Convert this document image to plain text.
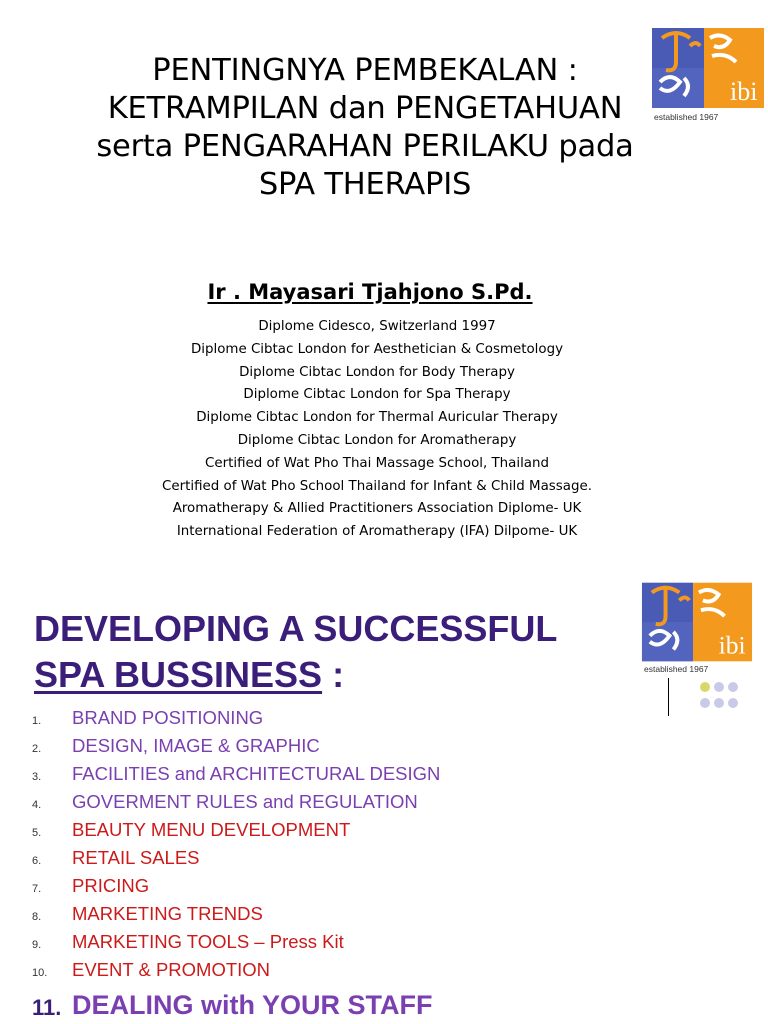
PENTINGNYA PEMBEKALAN :
KETRAMPILAN dan PENGETAHUAN
serta PENGARAHAN PERILAKU pada
SPA THERAPIS
ibi
established 1967
Ir . Mayasari Tjahjono S.Pd.
Diplome Cidesco, Switzerland 1997
Diplome Cibtac London for Aesthetician & Cosmetology
Diplome Cibtac London for Body Therapy
Diplome Cibtac London for Spa Therapy
Diplome Cibtac London for Thermal Auricular Therapy
Diplome Cibtac London for Aromatherapy
Certified of Wat Pho Thai Massage School, Thailand
Certified of Wat Pho School Thailand for Infant & Child Massage.
Aromatherapy & Allied Practitioners Association Diplome- UK
International Federation of Aromatherapy (IFA) Dilpome- UK
DEVELOPING A SUCCESSFUL
SPA BUSSINESS :
ibi
established 1967
1. BRAND POSITIONING
2. DESIGN, IMAGE & GRAPHIC
3. FACILITIES and ARCHITECTURAL DESIGN
4. GOVERMENT RULES and REGULATION
5. BEAUTY MENU DEVELOPMENT
6. RETAIL SALES
7. PRICING
8. MARKETING TRENDS
9. MARKETING TOOLS – Press Kit
10. EVENT & PROMOTION
11. DEALING with YOUR STAFF
